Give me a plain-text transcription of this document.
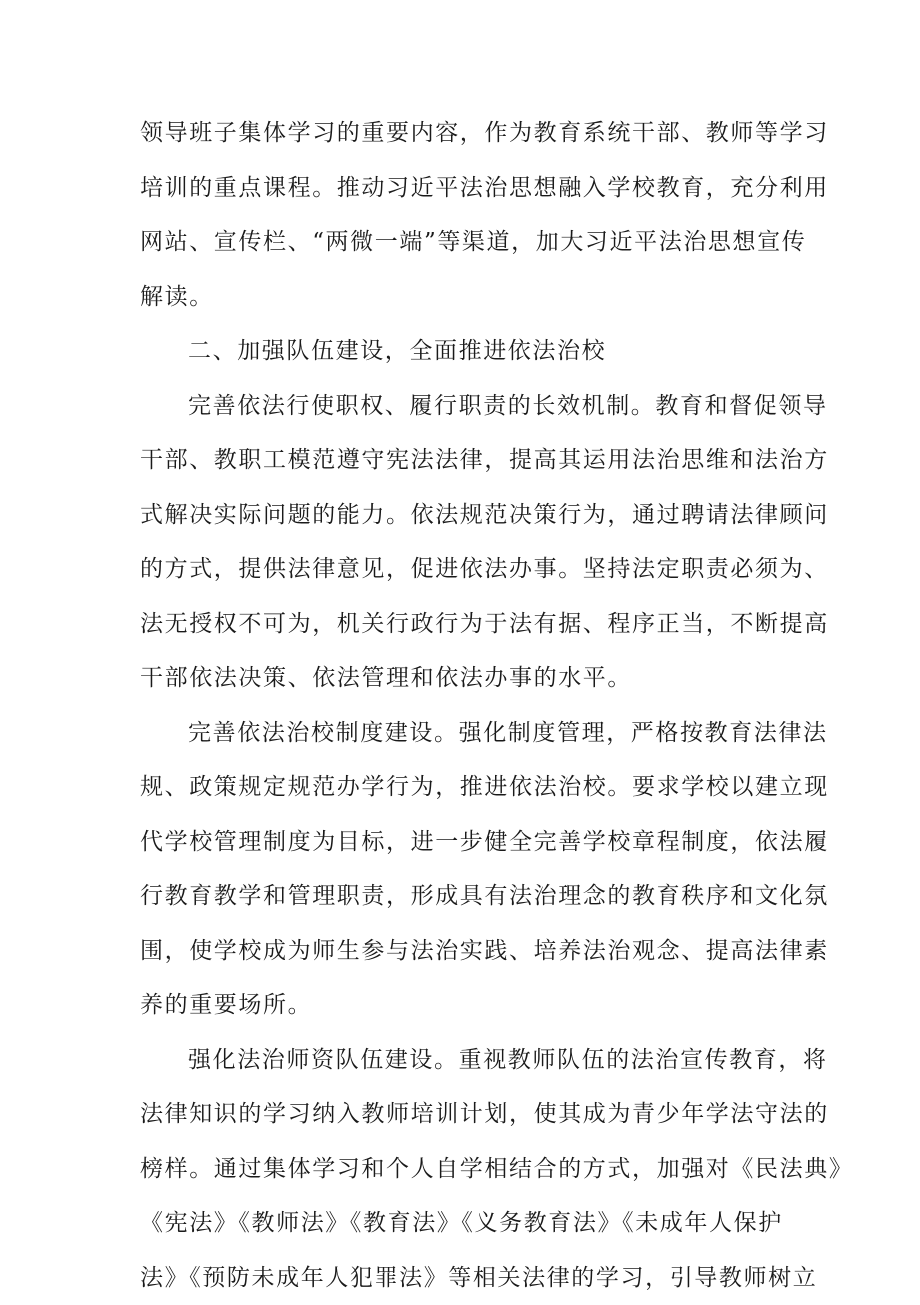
领导班子集体学习的重要内容，作为教育系统干部、教师等学习
培训的重点课程。推动习近平法治思想融入学校教育，充分利用
网站、宣传栏、“两微一端”等渠道，加大习近平法治思想宣传
解读。
二、加强队伍建设，全面推进依法治校
完善依法行使职权、履行职责的长效机制。教育和督促领导
干部、教职工模范遵守宪法法律，提高其运用法治思维和法治方
式解决实际问题的能力。依法规范决策行为，通过聘请法律顾问
的方式，提供法律意见，促进依法办事。坚持法定职责必须为、
法无授权不可为，机关行政行为于法有据、程序正当，不断提高
干部依法决策、依法管理和依法办事的水平。
完善依法治校制度建设。强化制度管理，严格按教育法律法
规、政策规定规范办学行为，推进依法治校。要求学校以建立现
代学校管理制度为目标，进一步健全完善学校章程制度，依法履
行教育教学和管理职责，形成具有法治理念的教育秩序和文化氛
围，使学校成为师生参与法治实践、培养法治观念、提高法律素
养的重要场所。
强化法治师资队伍建设。重视教师队伍的法治宣传教育，将
法律知识的学习纳入教师培训计划，使其成为青少年学法守法的
榜样。通过集体学习和个人自学相结合的方式，加强对《民法典》
《宪法》《教师法》《教育法》《义务教育法》《未成年人保护
法》《预防未成年人犯罪法》等相关法律的学习，引导教师树立
